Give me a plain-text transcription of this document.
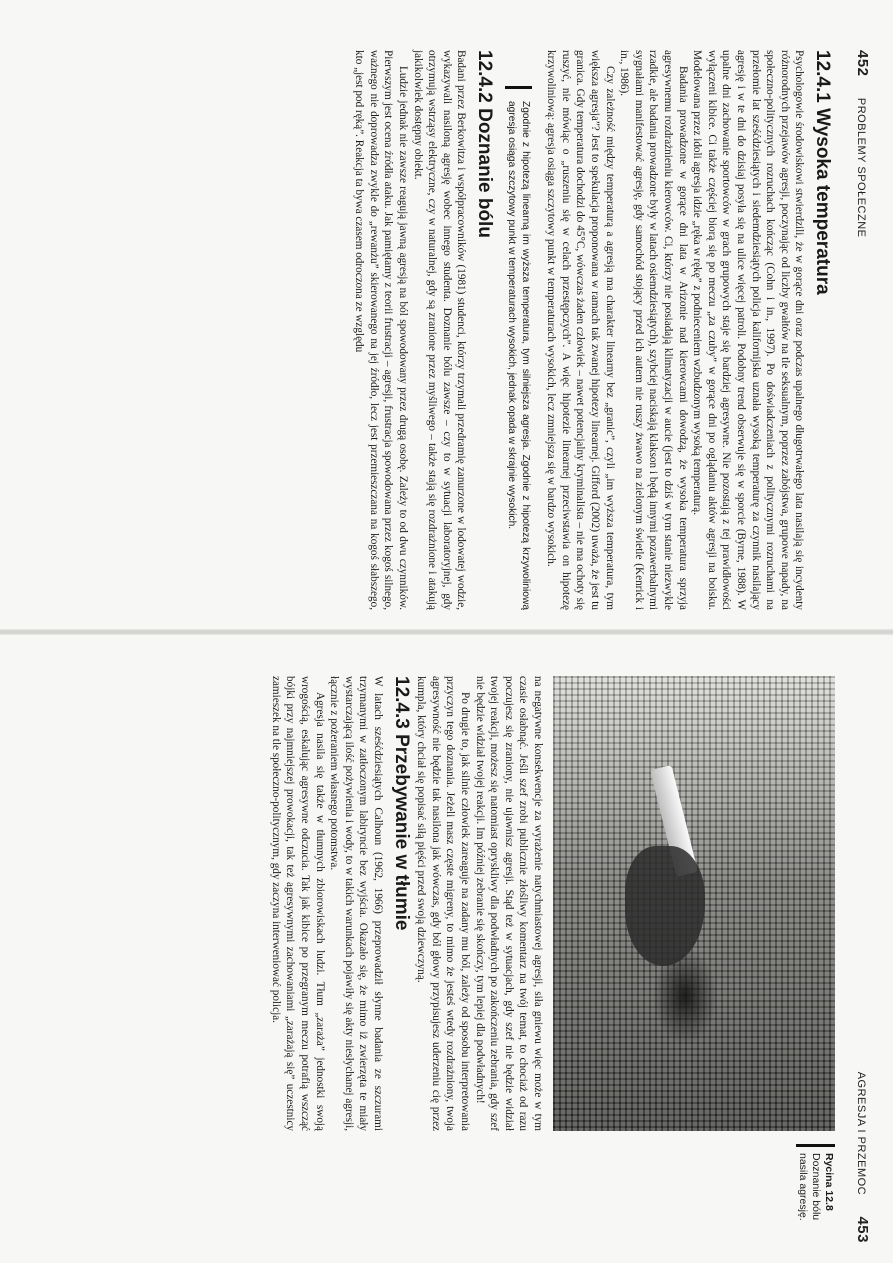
452      PROBLEMY SPOŁECZNE
12.4.1 Wysoka temperatura

Psychologowie środowiskowi stwierdzili, że w gorące dni oraz podczas upalnego długotrwałego lata nasilają się incydenty różnorodnych przejawów agresji, poczynając od liczby gwałtów na tle seksualnym, poprzez zabójstwa, grupowe napady, na społeczno-politycznych rozruchach kończąc (Cohn i in., 1997). Po doświadczeniach z politycznymi rozruchami na przełomie lat sześćdziesiątych i siedemdziesiątych policja kalifornijska uznała wysoką temperaturę za czynnik nasilający agresję i w te dni do dzisiaj posyła się na ulice więcej patroli. Podobny trend obserwuje się w sporcie (Byrne, 1988). W upalne dni zachowanie sportowców w grach grupowych staje się bardziej agresywne. Nie pozostają z tej prawidłowości wyłączeni kibice. Ci także częściej biorą się po meczu „za czuby” w gorące dni po oglądaniu aktów agresji na boisku. Modelowana przez idoli agresja idzie „ręka w rękę” z podnieceniem wzbudzonym wysoką temperaturą.

Badania prowadzone w gorące dni lata w Arizonie nad kierowcami dowodzą, że wysoka temperatura sprzyja agresywnemu rozdrażnieniu kierowców. Ci, którzy nie posiadają klimatyzacji w aucie (jest to dziś w tym stanie niezwykle rzadkie, ale badania prowadzone były w latach osiemdziesiątych), szybciej naciskają klakson i będą innymi pozawerbalnymi sygnałami manifestować agresję, gdy samochód stojący przed ich autem nie ruszy żwawo na zielonym świetle (Kenrick i in., 1986).

Czy zależność między temperaturą a agresją ma charakter linearny bez „granic”, czyli „im wyższa temperatura, tym większa agresja”? Jest to spekulacja proponowana w ramach tak zwanej hipotezy linearnej. Gifford (2002) uważa, że jest tu granica. Gdy temperatura dochodzi do 45°C, wówczas żaden człowiek – nawet potencjalny kryminalista – nie ma ochoty się ruszyć, nie mówiąc o „ruszeniu się w celach przestępczych”. A więc hipotezie linearnej przeciwstawia on hipotezę krzywoliniową: agresja osiąga szczytowy punkt w temperaturach wysokich, lecz zmniejsza się w bardzo wysokich.

Zgodnie z hipotezą linearną im wyższa temperatura, tym silniejsza agresja. Zgodnie z hipotezą krzywoliniową agresja osiąga szczytowy punkt w temperaturach wysokich, jednak opada w skrajnie wysokich.

12.4.2 Doznanie bólu

Badani przez Berkowitza i współpracowników (1981) studenci, którzy trzymali przedramię zanurzone w lodowatej wodzie, wykazywali nasiloną agresję wobec innego studenta. Doznanie bólu zawsze – czy to w sytuacji laboratoryjnej, gdy otrzymują wstrząsy elektryczne, czy w naturalnej, gdy są zranione przez myśliwego – także stają się rozdrażnione i atakują jakikolwiek dostępny obiekt.

Ludzie jednak nie zawsze reagują jawną agresją na ból spowodowany przez drugą osobę. Zależy to od dwu czynników. Pierwszym jest ocena źródła ataku. Jak pamiętamy z teorii frustracji – agresji, frustracja spowodowana przez kogoś silnego, ważnego nie doprowadza zwykle do „rewanżu” skierowanego na jej źródło, lecz jest przemieszczana na kogoś słabszego, kto „jest pod ręką”. Reakcja ta bywa czasem odroczona ze względu

AGRESJA I PRZEMOC      453

na negatywne konsekwencje za wyrażenie natychmiastowej agresji, siła gniewu więc może w tym czasie osłabnąć. Jeśli szef zrobi publicznie złośliwy komentarz na twój temat, to chociaż od razu poczujesz się zraniony, nie ujawnisz agresji. Stąd też w sytuacjach, gdy szef nie będzie widział twojej reakcji, możesz się natomiast opryskliwy dla podwładnych po zakończeniu zebrania, gdy szef nie będzie widział twojej reakcji. Im później zebranie się skończy, tym lepiej dla podwładnych!

Po drugie to, jak silnie człowiek zareaguje na zadany mu ból, zależy od sposobu interpretowania przyczyn tego doznania. Jeżeli masz częste migreny, to mimo że jesteś wtedy rozdrażniony, twoja agresywność nie będzie tak nasilona jak wówczas, gdy ból głowy przypisujesz uderzeniu cię przez kumpla, który chciał się popisać siłą pięści przed swoją dziewczyną.

12.4.3 Przebywanie w tłumie

W latach sześćdziesiątych Calhoun (1962, 1966) przeprowadził słynne badania ze szczurami trzymanymi w zatłoczonym labiryncie bez wyjścia. Okazało się, że mimo iż zwierzęta te miały wystarczającą ilość pożywienia i wody, to w takich warunkach pojawiły się akty niesłychanej agresji, łącznie z pożeraniem własnego potomstwa.

Agresja nasila się także w tłumnych zbiorowiskach ludzi. Tłum „zaraża” jednostki swoją wrogością, eskalując agresywne odczucia. Tak jak kibice po przegranym meczu potrafią wszcząć bójki przy najmniejszej prowokacji, tak też agresywnymi zachowaniami „zarażają się” uczestnicy zamieszek na tle społeczno-politycznym, gdy zaczyna interweniować policja.

Rycina 12.8
Doznanie bólu nasila agresję.
